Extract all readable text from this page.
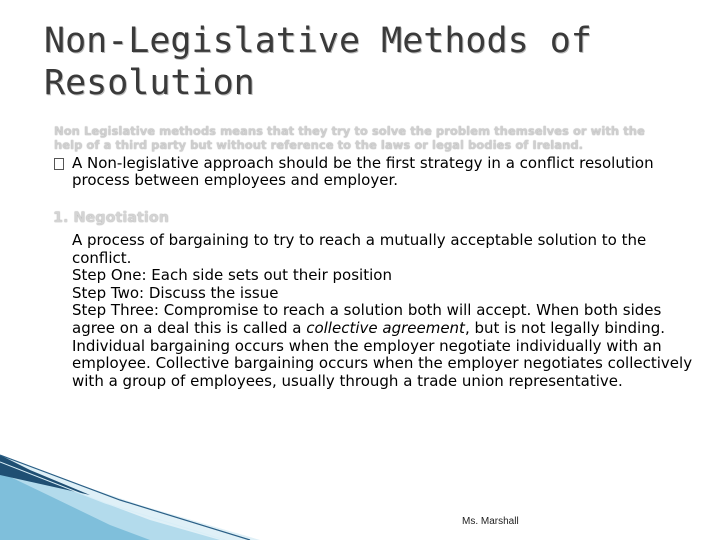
Non-Legislative Methods of
Resolution

Non Legislative methods means that they try to solve the problem themselves or with the help of a third party but without reference to the laws or legal bodies of Ireland.

A Non-legislative approach should be the first strategy in a conflict resolution process between employees and employer.
1. Negotiation

A process of bargaining to try to reach a mutually acceptable solution to the conflict.

Step One: Each side sets out their position

Step Two: Discuss the issue

Step Three: Compromise to reach a solution both will accept. When both sides agree on a deal this is called a collective agreement, but is not legally binding.

Individual bargaining occurs when the employer negotiate individually with an employee. Collective bargaining occurs when the employer negotiates collectively with a group of employees, usually through a trade union representative.

Ms. Marshall
